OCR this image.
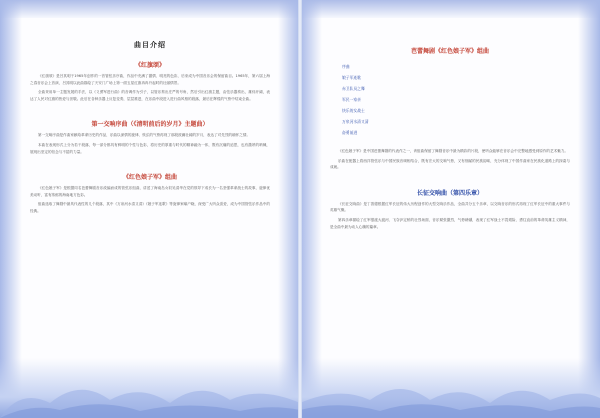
曲目介绍
《红旗颂》

《红旗颂》是吕其明于1965年创作的一首管弦乐序曲，作品中充满了激情、明亮的色彩，后来成为中国音乐会的保留曲目。1965年，第六届上海之春音乐会上首演，吕其明以此曲描绘了天安门广场上第一面五星红旗冉冉升起时的壮丽情景。

全曲采用单一主题发展的手法，以《义勇军进行曲》的音调作为引子，以管乐奏出庄严的号角，然后引出红旗主题，由弦乐器奏出，雄伟开阔，表达了人民对红旗的热爱与崇敬。此后在各种乐器上反复变奏，层层推进，在乐曲中段进入进行曲风格的段落，最后在辉煌的气势中结束全曲。

第一交响序曲（《清明前后的岁月》主题曲）

第一交响序曲是作曲家献给革命历史的作品，乐曲以深情的旋律、恢弘的气势再现了那段波澜壮阔的岁月，表达了对先烈的缅怀之情。

本曲在表现形式上分为若干段落，每一部分都具有鲜明的个性与色彩，将历史的厚重与时代的精神融为一体，既有沉痛的追思，也有激昂的呐喊，展现出坚定的信念与不屈的力量。

《红色娘子军》组曲

《红色娘子军》是根据同名芭蕾舞剧音乐改编而成的管弦乐组曲，讲述了海南岛女奴吴清华在党的领导下成长为一名坚强革命战士的故事，旋律优美动听，富有浓郁的海南地方色彩。

组曲选取了舞剧中最具代表性的几个段落，其中《万泉河水清又清》《娘子军连歌》等旋律家喻户晓，深受广大听众喜爱，成为中国管弦乐作品中的经典。

芭蕾舞剧《红色娘子军》组曲
序曲
娘子军连歌
赤卫队员之舞
军民一家亲
快乐的女战士
万泉河水清又清
奋勇前进

《红色娘子军》是中国芭蕾舞剧的代表作之一，该组曲保留了舞剧音乐中最为精彩的片段，使听众能够在音乐会中完整地感受到原作的艺术魅力。

乐曲在配器上将西洋管弦乐与中国民族音调相结合，既有宏大的交响气势，又有细腻的民族韵味，充分体现了中国作曲家在民族化道路上的探索与成就。

长征交响曲（第四乐章）

《长征交响曲》是丁善德根据红军长征的伟大历程创作的大型交响乐作品，全曲共分五个乐章，以交响音乐的形式再现了红军长征中的重大事件与英雄气概。

第四乐章描绘了红军强渡大渡河、飞夺泸定桥的壮烈场面，音乐紧张激烈，气势磅礴，表现了红军战士不畏艰险、勇往直前的革命英雄主义精神，是全曲中最为动人心魄的篇章。
